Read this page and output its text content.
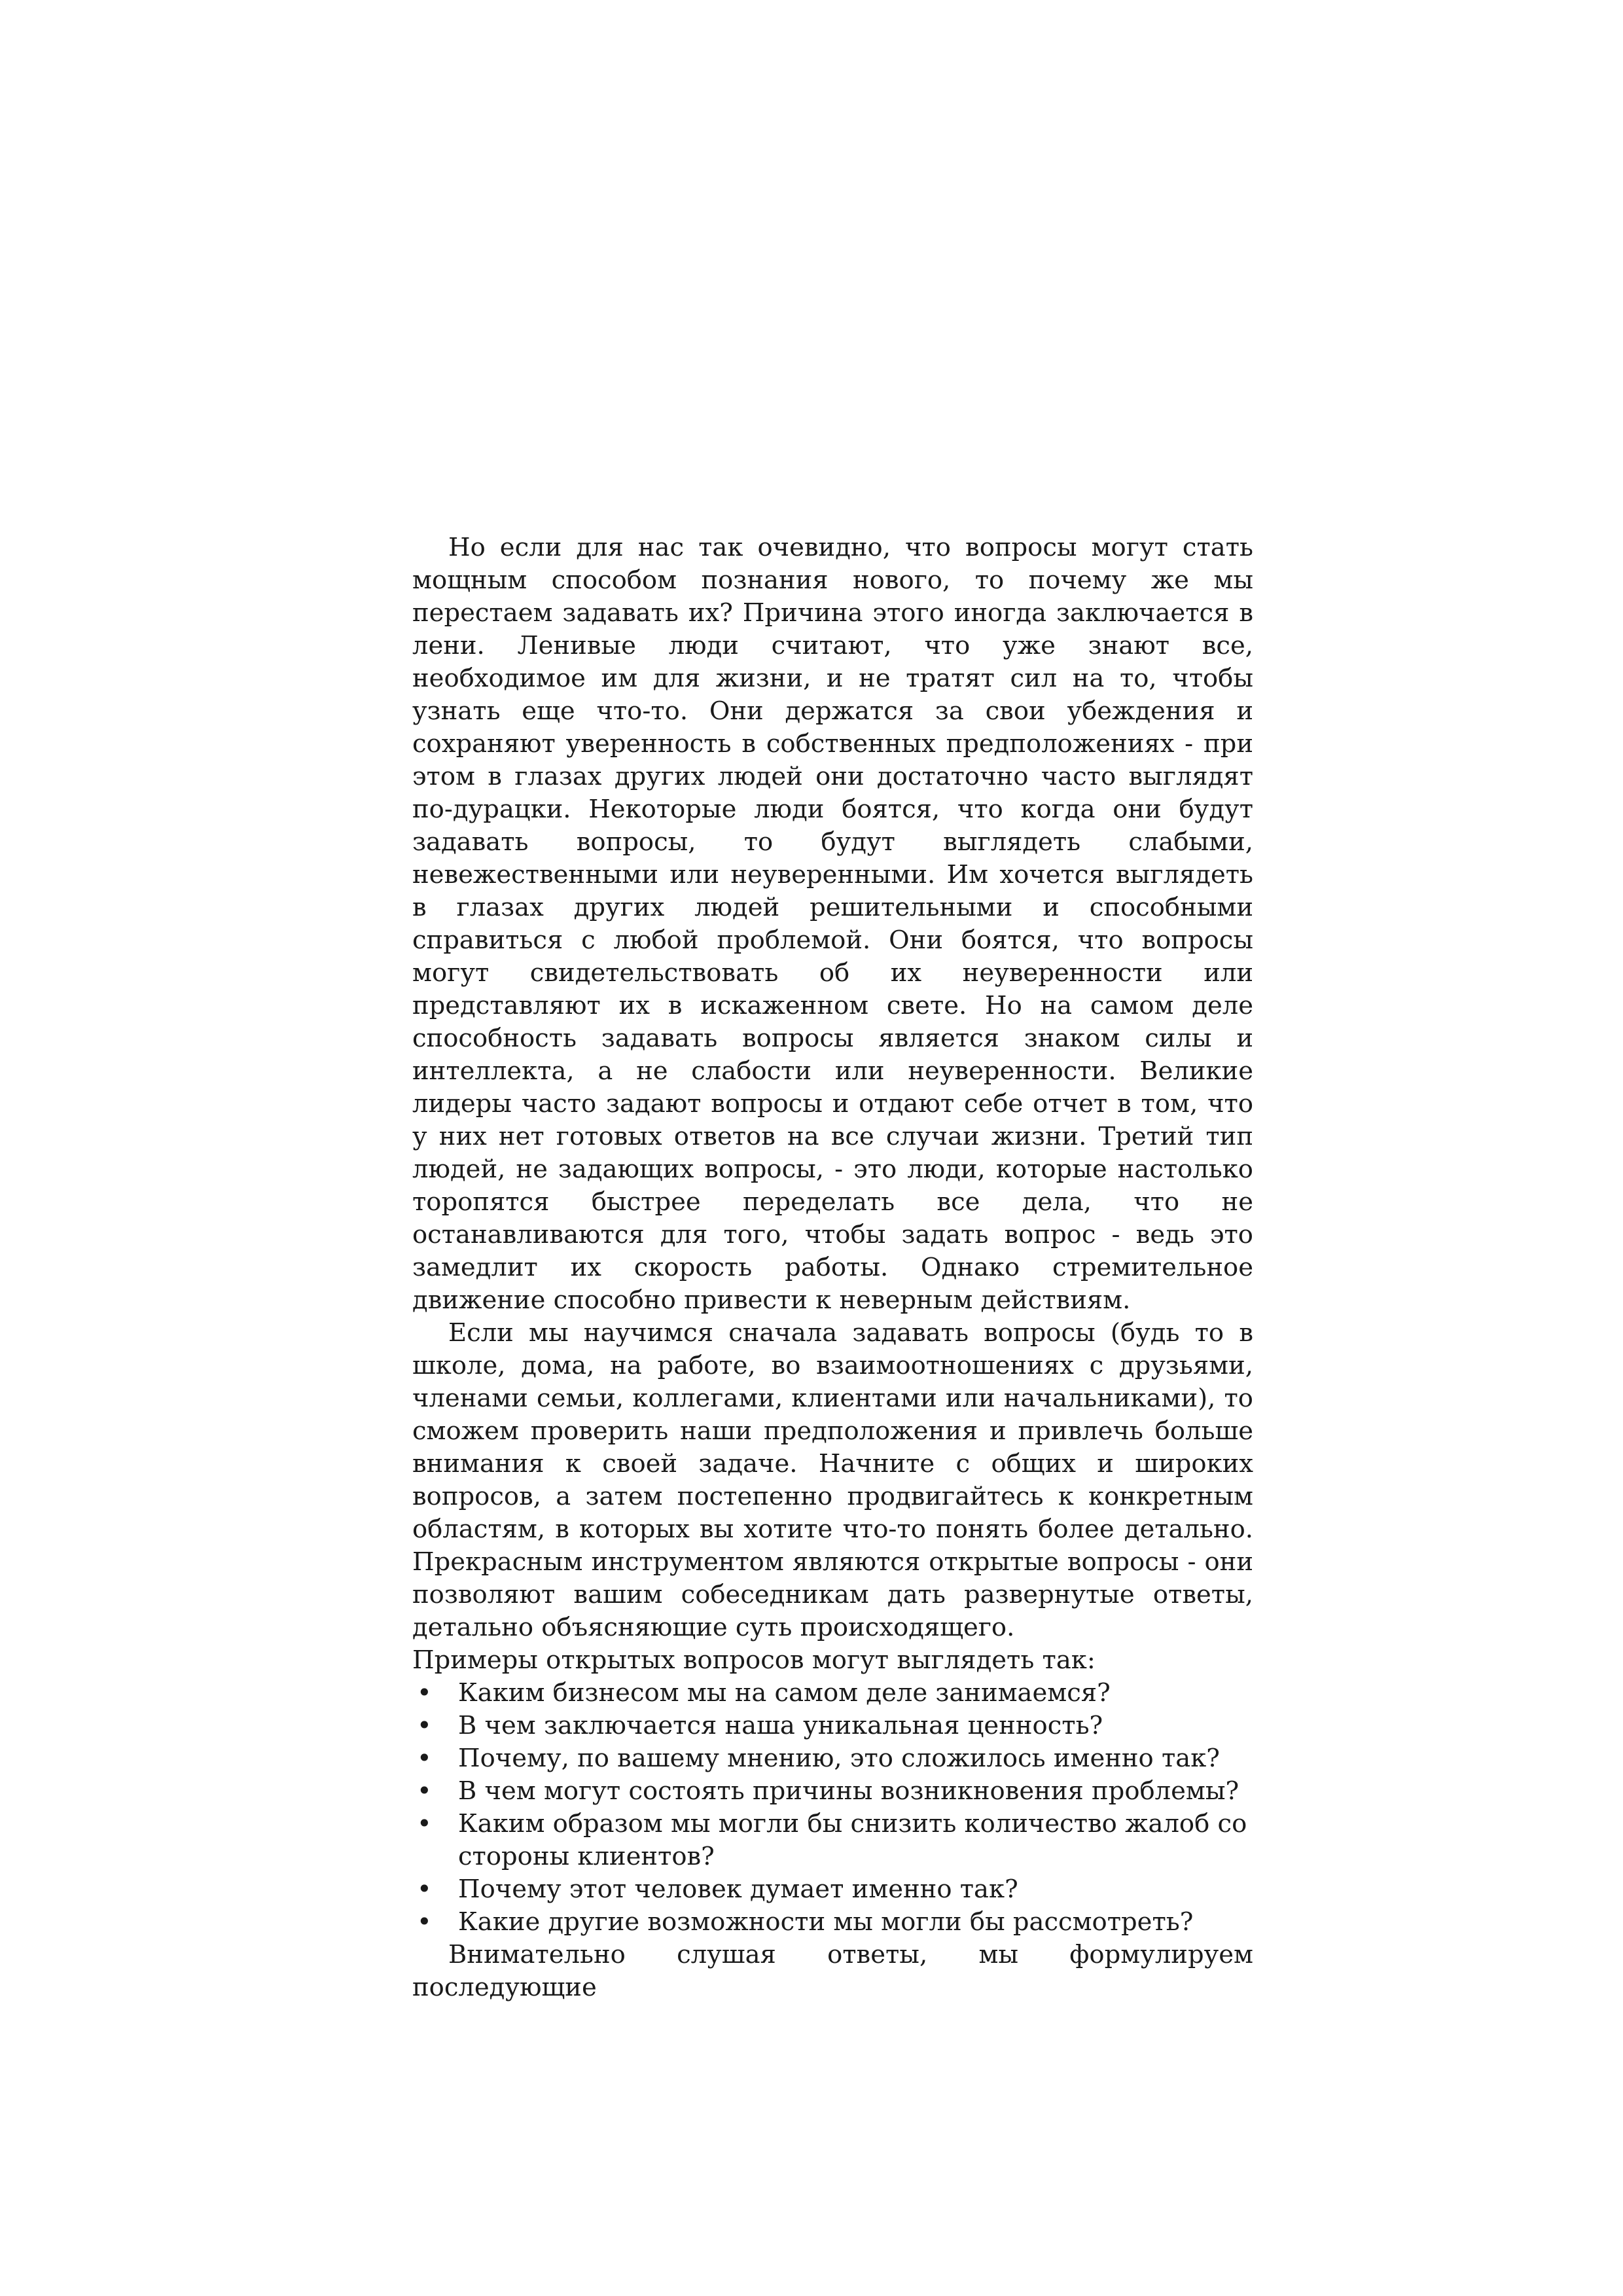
Но если для нас так очевидно, что вопросы могут стать мощным способом познания нового, то почему же мы перестаем задавать их? Причина этого иногда заключается в лени. Ленивые люди считают, что уже знают все, необходимое им для жизни, и не тратят сил на то, чтобы узнать еще что-то. Они держатся за свои убеждения и сохраняют уверенность в собственных предположениях - при этом в глазах других людей они достаточно часто выглядят по-дурацки. Некоторые люди боятся, что когда они будут задавать вопросы, то будут выглядеть слабыми, невежественными или неуверенными. Им хочется выглядеть в глазах других людей решительными и способными справиться с любой проблемой. Они боятся, что вопросы могут свидетельствовать об их неуверенности или представляют их в искаженном свете. Но на самом деле способность задавать вопросы является знаком силы и интеллекта, а не слабости или неуверенности. Великие лидеры часто задают вопросы и отдают себе отчет в том, что у них нет готовых ответов на все случаи жизни. Третий тип людей, не задающих вопросы, - это люди, которые настолько торопятся быстрее переделать все дела, что не останавливаются для того, чтобы задать вопрос - ведь это замедлит их скорость работы. Однако стремительное движение способно привести к неверным действиям.

Если мы научимся сначала задавать вопросы (будь то в школе, дома, на работе, во взаимоотношениях с друзьями, членами семьи, коллегами, клиентами или начальниками), то сможем проверить наши предположения и привлечь больше внимания к своей задаче. Начните с общих и широких вопросов, а затем постепенно продвигайтесь к конкретным областям, в которых вы хотите что-то понять более детально. Прекрасным инструментом являются открытые вопросы - они позволяют вашим собеседникам дать развернутые ответы, детально объясняющие суть происходящего.

Примеры открытых вопросов могут выглядеть так:

• Каким бизнесом мы на самом деле занимаемся?
• В чем заключается наша уникальная ценность?
• Почему, по вашему мнению, это сложилось именно так?
• В чем могут состоять причины возникновения проблемы?
• Каким образом мы могли бы снизить количество жалоб со стороны клиентов?
• Почему этот человек думает именно так?
• Какие другие возможности мы могли бы рассмотреть?

Внимательно слушая ответы, мы формулируем последующие
